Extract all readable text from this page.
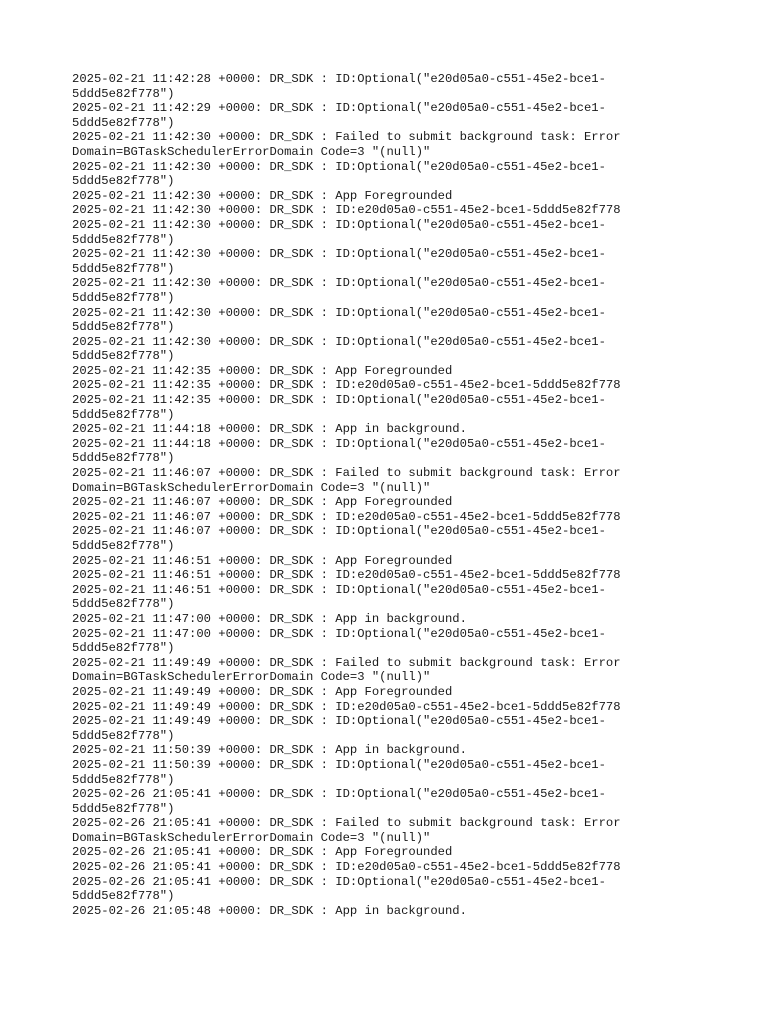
2025-02-21 11:42:28 +0000: DR_SDK : ID:Optional("e20d05a0-c551-45e2-bce1-
5ddd5e82f778")
2025-02-21 11:42:29 +0000: DR_SDK : ID:Optional("e20d05a0-c551-45e2-bce1-
5ddd5e82f778")
2025-02-21 11:42:30 +0000: DR_SDK : Failed to submit background task: Error
Domain=BGTaskSchedulerErrorDomain Code=3 "(null)"
2025-02-21 11:42:30 +0000: DR_SDK : ID:Optional("e20d05a0-c551-45e2-bce1-
5ddd5e82f778")
2025-02-21 11:42:30 +0000: DR_SDK : App Foregrounded
2025-02-21 11:42:30 +0000: DR_SDK : ID:e20d05a0-c551-45e2-bce1-5ddd5e82f778
2025-02-21 11:42:30 +0000: DR_SDK : ID:Optional("e20d05a0-c551-45e2-bce1-
5ddd5e82f778")
2025-02-21 11:42:30 +0000: DR_SDK : ID:Optional("e20d05a0-c551-45e2-bce1-
5ddd5e82f778")
2025-02-21 11:42:30 +0000: DR_SDK : ID:Optional("e20d05a0-c551-45e2-bce1-
5ddd5e82f778")
2025-02-21 11:42:30 +0000: DR_SDK : ID:Optional("e20d05a0-c551-45e2-bce1-
5ddd5e82f778")
2025-02-21 11:42:30 +0000: DR_SDK : ID:Optional("e20d05a0-c551-45e2-bce1-
5ddd5e82f778")
2025-02-21 11:42:35 +0000: DR_SDK : App Foregrounded
2025-02-21 11:42:35 +0000: DR_SDK : ID:e20d05a0-c551-45e2-bce1-5ddd5e82f778
2025-02-21 11:42:35 +0000: DR_SDK : ID:Optional("e20d05a0-c551-45e2-bce1-
5ddd5e82f778")
2025-02-21 11:44:18 +0000: DR_SDK : App in background.
2025-02-21 11:44:18 +0000: DR_SDK : ID:Optional("e20d05a0-c551-45e2-bce1-
5ddd5e82f778")
2025-02-21 11:46:07 +0000: DR_SDK : Failed to submit background task: Error
Domain=BGTaskSchedulerErrorDomain Code=3 "(null)"
2025-02-21 11:46:07 +0000: DR_SDK : App Foregrounded
2025-02-21 11:46:07 +0000: DR_SDK : ID:e20d05a0-c551-45e2-bce1-5ddd5e82f778
2025-02-21 11:46:07 +0000: DR_SDK : ID:Optional("e20d05a0-c551-45e2-bce1-
5ddd5e82f778")
2025-02-21 11:46:51 +0000: DR_SDK : App Foregrounded
2025-02-21 11:46:51 +0000: DR_SDK : ID:e20d05a0-c551-45e2-bce1-5ddd5e82f778
2025-02-21 11:46:51 +0000: DR_SDK : ID:Optional("e20d05a0-c551-45e2-bce1-
5ddd5e82f778")
2025-02-21 11:47:00 +0000: DR_SDK : App in background.
2025-02-21 11:47:00 +0000: DR_SDK : ID:Optional("e20d05a0-c551-45e2-bce1-
5ddd5e82f778")
2025-02-21 11:49:49 +0000: DR_SDK : Failed to submit background task: Error
Domain=BGTaskSchedulerErrorDomain Code=3 "(null)"
2025-02-21 11:49:49 +0000: DR_SDK : App Foregrounded
2025-02-21 11:49:49 +0000: DR_SDK : ID:e20d05a0-c551-45e2-bce1-5ddd5e82f778
2025-02-21 11:49:49 +0000: DR_SDK : ID:Optional("e20d05a0-c551-45e2-bce1-
5ddd5e82f778")
2025-02-21 11:50:39 +0000: DR_SDK : App in background.
2025-02-21 11:50:39 +0000: DR_SDK : ID:Optional("e20d05a0-c551-45e2-bce1-
5ddd5e82f778")
2025-02-26 21:05:41 +0000: DR_SDK : ID:Optional("e20d05a0-c551-45e2-bce1-
5ddd5e82f778")
2025-02-26 21:05:41 +0000: DR_SDK : Failed to submit background task: Error
Domain=BGTaskSchedulerErrorDomain Code=3 "(null)"
2025-02-26 21:05:41 +0000: DR_SDK : App Foregrounded
2025-02-26 21:05:41 +0000: DR_SDK : ID:e20d05a0-c551-45e2-bce1-5ddd5e82f778
2025-02-26 21:05:41 +0000: DR_SDK : ID:Optional("e20d05a0-c551-45e2-bce1-
5ddd5e82f778")
2025-02-26 21:05:48 +0000: DR_SDK : App in background.
